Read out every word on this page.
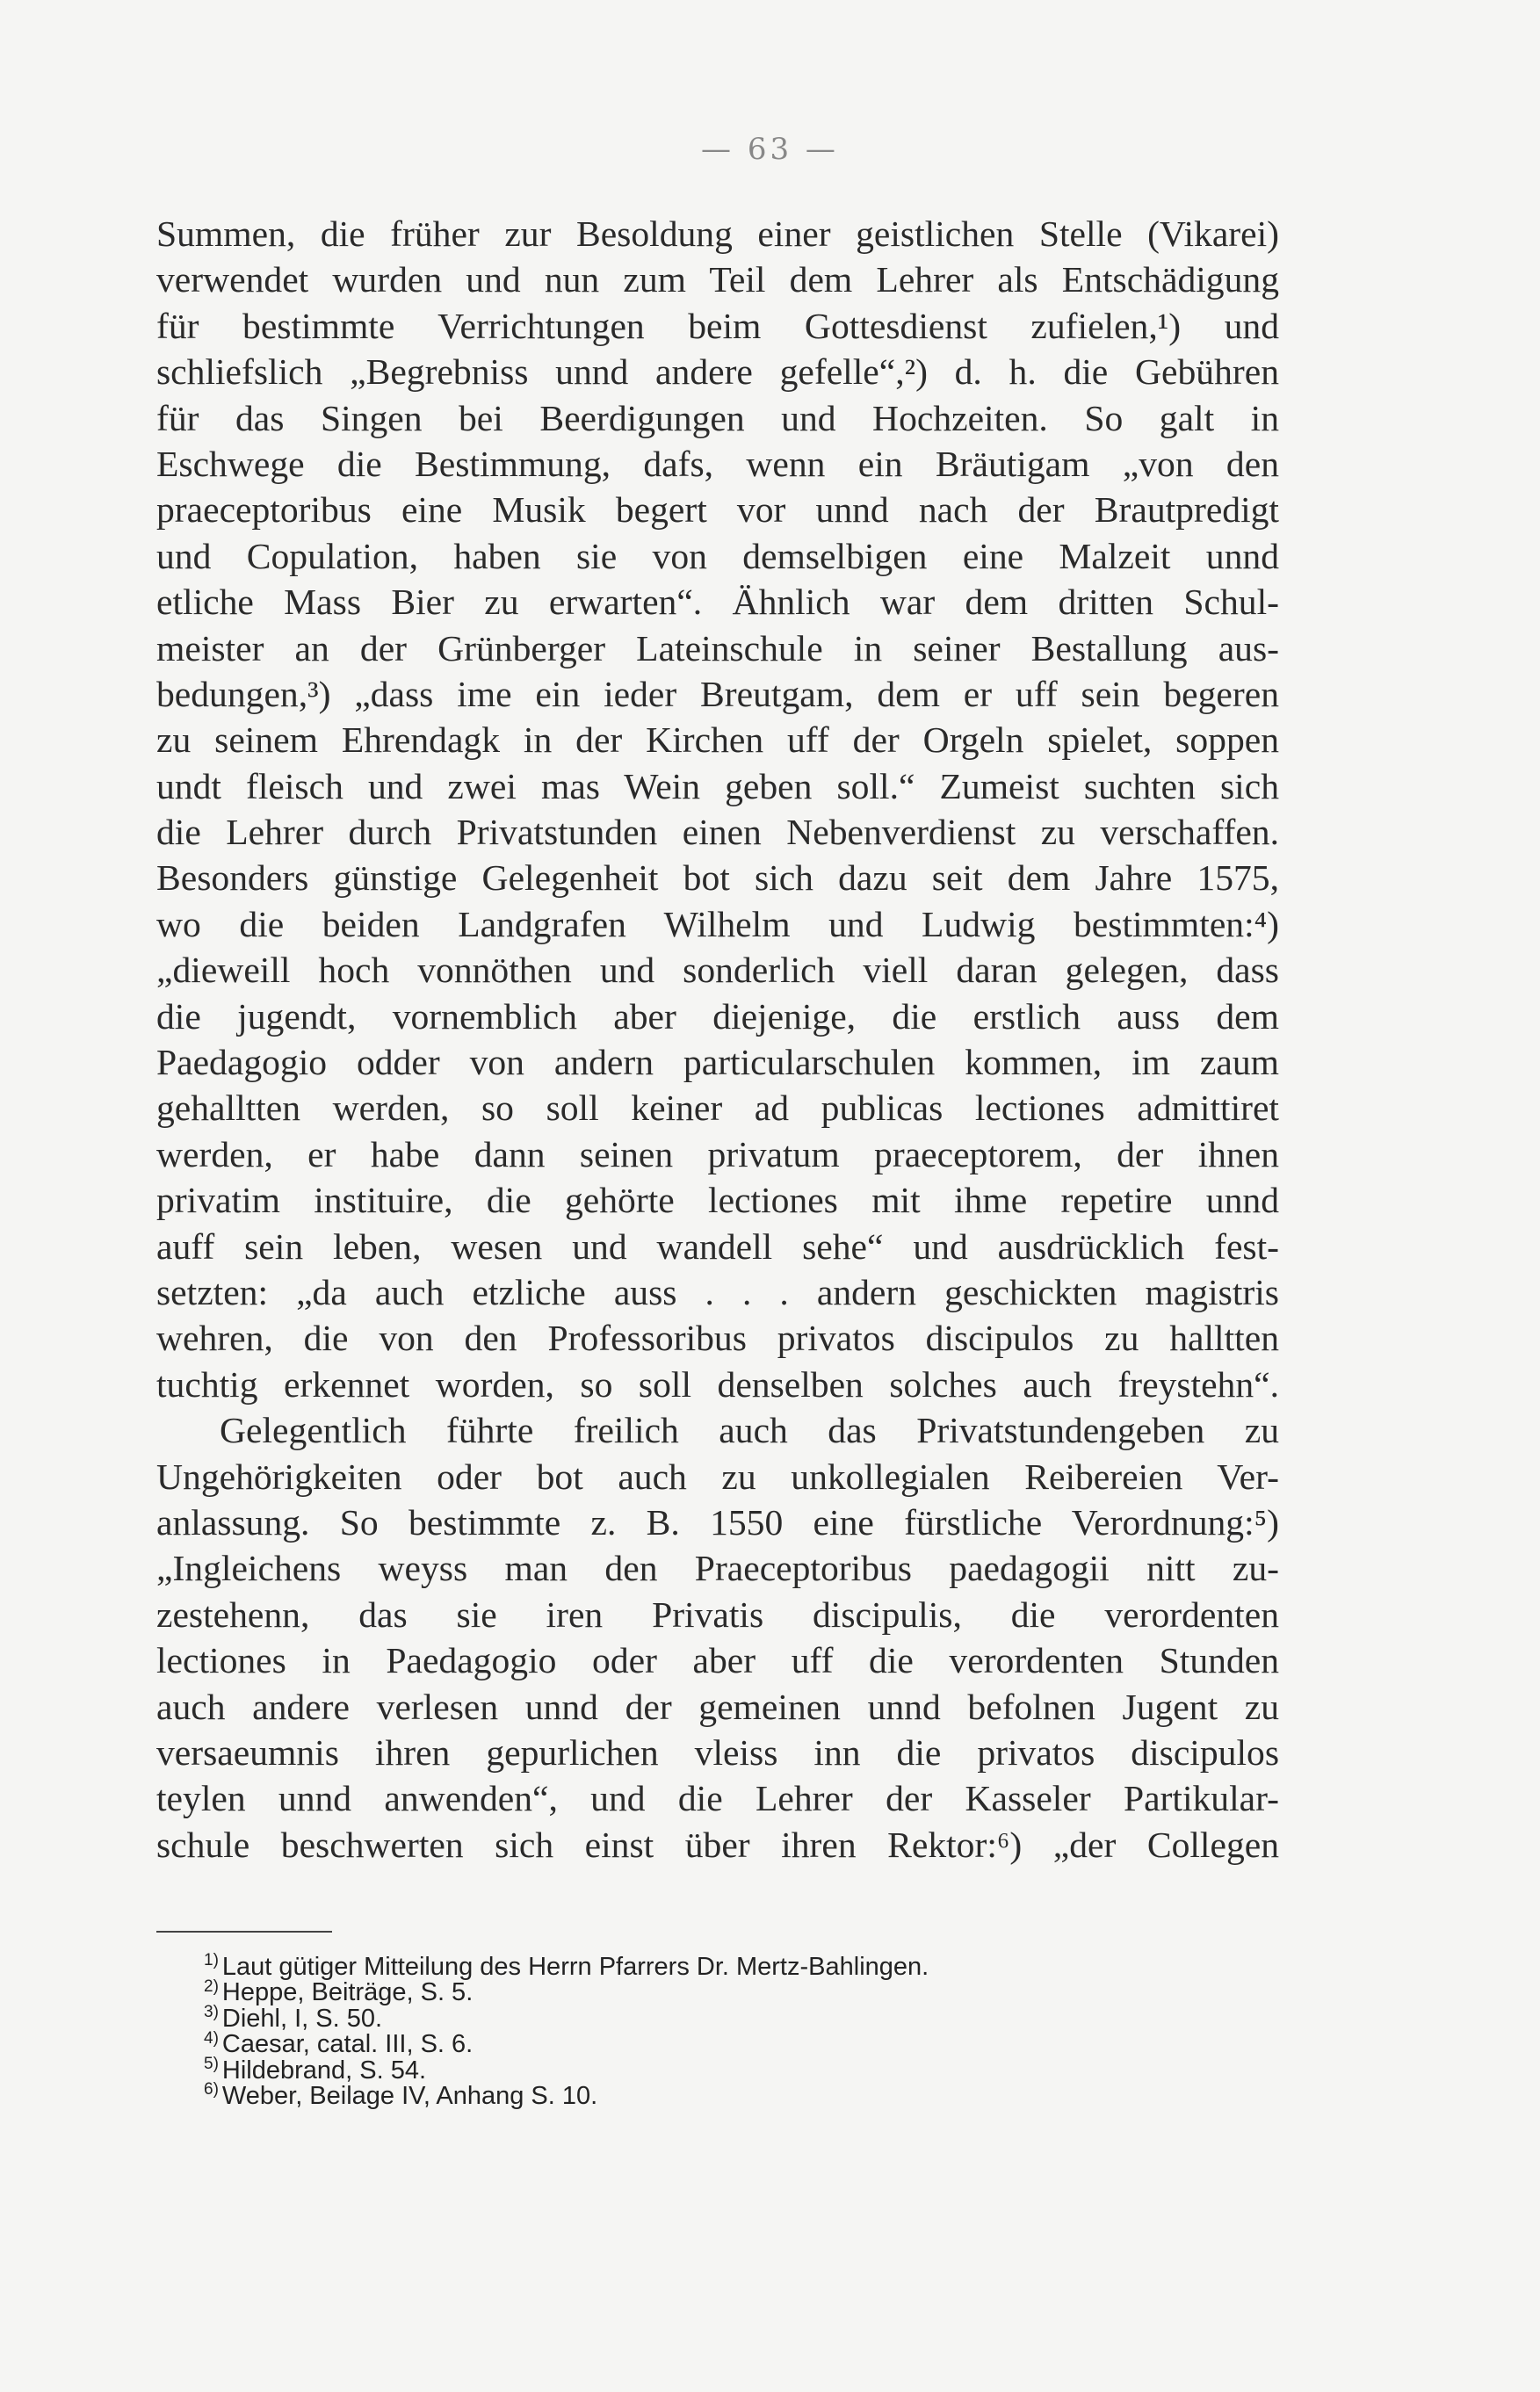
— 63 —
Summen, die früher zur Besoldung einer geistlichen Stelle (Vikarei)
verwendet wurden und nun zum Teil dem Lehrer als Entschädigung
für bestimmte Verrichtungen beim Gottesdienst zufielen,¹) und
schliefslich „Begrebniss unnd andere gefelle“,²) d. h. die Gebühren
für das Singen bei Beerdigungen und Hochzeiten. So galt in
Eschwege die Bestimmung, dafs, wenn ein Bräutigam „von den
praeceptoribus eine Musik begert vor unnd nach der Brautpredigt
und Copulation, haben sie von demselbigen eine Malzeit unnd
etliche Mass Bier zu erwarten“. Ähnlich war dem dritten Schul-
meister an der Grünberger Lateinschule in seiner Bestallung aus-
bedungen,³) „dass ime ein ieder Breutgam, dem er uff sein begeren
zu seinem Ehrendagk in der Kirchen uff der Orgeln spielet, soppen
undt fleisch und zwei mas Wein geben soll.“ Zumeist suchten sich
die Lehrer durch Privatstunden einen Nebenverdienst zu verschaffen.
Besonders günstige Gelegenheit bot sich dazu seit dem Jahre 1575,
wo die beiden Landgrafen Wilhelm und Ludwig bestimmten:⁴)
„dieweill hoch vonnöthen und sonderlich viell daran gelegen, dass
die jugendt, vornemblich aber diejenige, die erstlich auss dem
Paedagogio odder von andern particularschulen kommen, im zaum
gehalltten werden, so soll keiner ad publicas lectiones admittiret
werden, er habe dann seinen privatum praeceptorem, der ihnen
privatim instituire, die gehörte lectiones mit ihme repetire unnd
auff sein leben, wesen und wandell sehe“ und ausdrücklich fest-
setzten: „da auch etzliche auss . . . andern geschickten magistris
wehren, die von den Professoribus privatos discipulos zu halltten
tuchtig erkennet worden, so soll denselben solches auch freystehn“.
Gelegentlich führte freilich auch das Privatstundengeben zu
Ungehörigkeiten oder bot auch zu unkollegialen Reibereien Ver-
anlassung. So bestimmte z. B. 1550 eine fürstliche Verordnung:⁵)
„Ingleichens weyss man den Praeceptoribus paedagogii nitt zu-
zestehenn, das sie iren Privatis discipulis, die verordenten
lectiones in Paedagogio oder aber uff die verordenten Stunden
auch andere verlesen unnd der gemeinen unnd befolnen Jugent zu
versaeumnis ihren gepurlichen vleiss inn die privatos discipulos
teylen unnd anwenden“, und die Lehrer der Kasseler Partikular-
schule beschwerten sich einst über ihren Rektor:⁶) „der Collegen
$^{1)}$ Laut gütiger Mitteilung des Herrn Pfarrers Dr. Mertz-Bahlingen.
$^{2)}$ Heppe, Beiträge, S. 5.
$^{3)}$ Diehl, I, S. 50.
$^{4)}$ Caesar, catal. III, S. 6.
$^{5)}$ Hildebrand, S. 54.
$^{6)}$ Weber, Beilage IV, Anhang S. 10.
